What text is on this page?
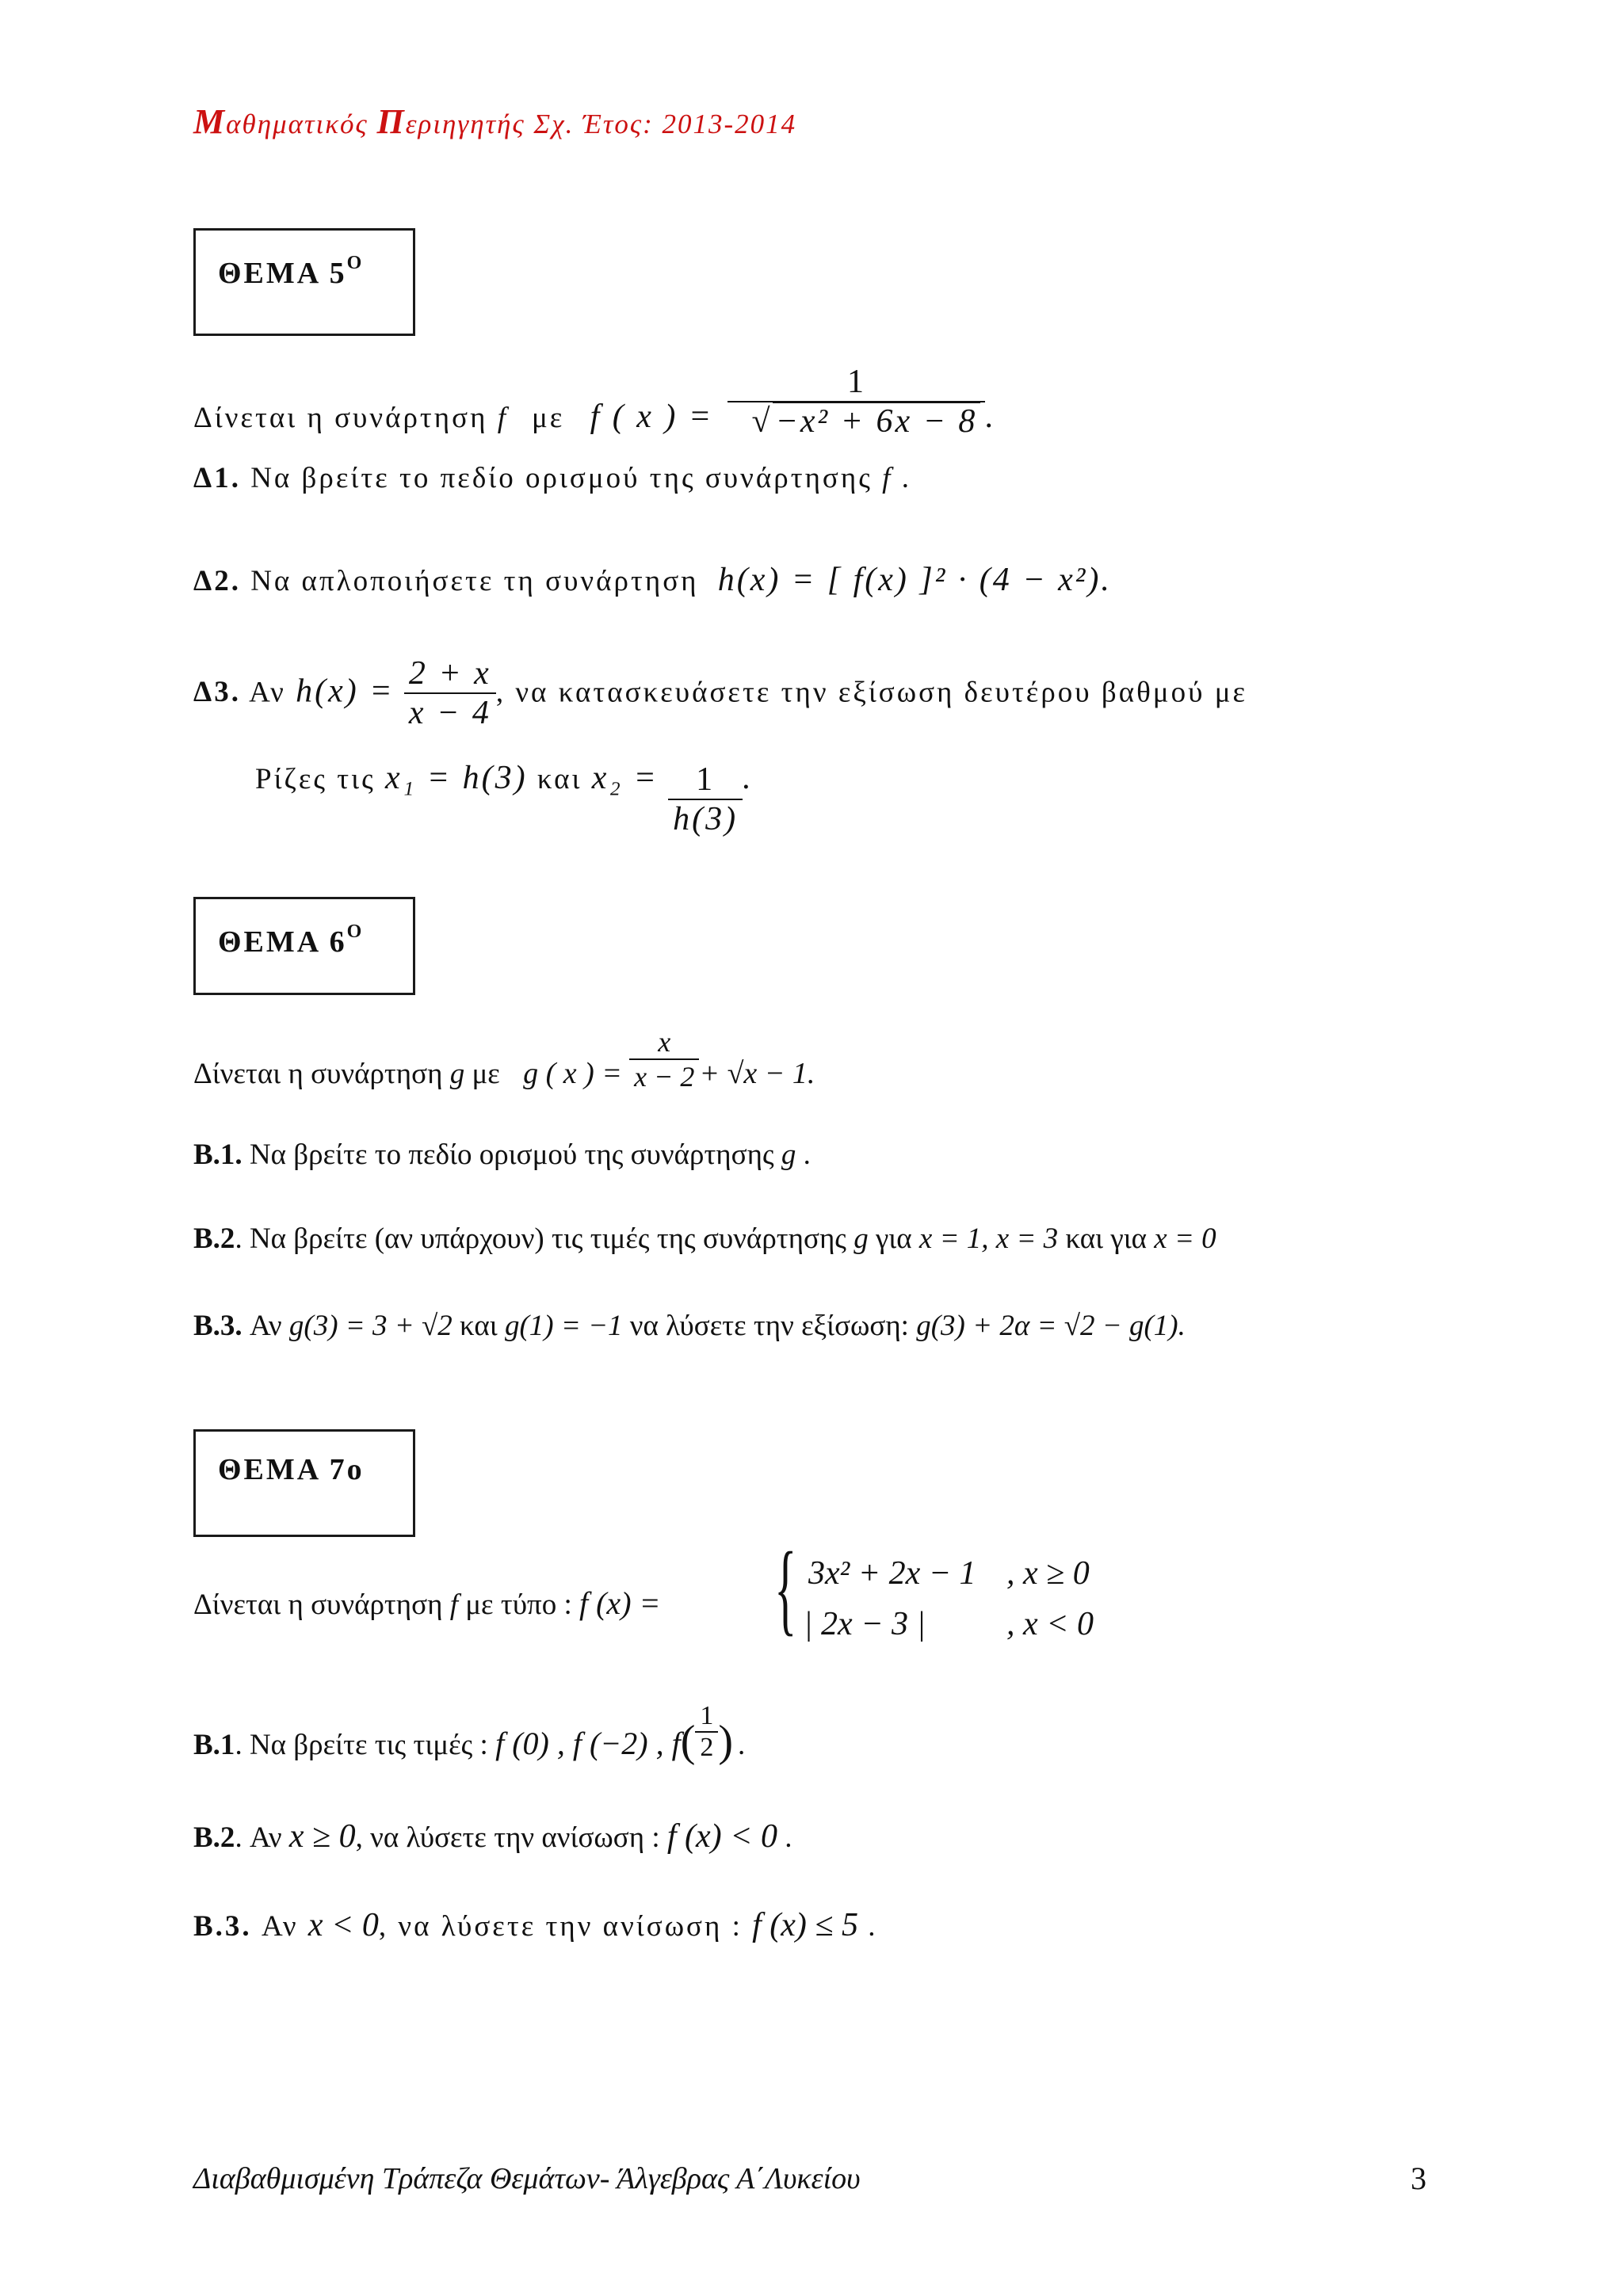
Mαθηματικός Περιηγητής Σχ. Έτος: 2013-2014
ΘΕΜΑ $5^O$
Δίνεται η συνάρτηση f με f ( x ) = $\frac{1}{\text{√−x² + 6x − 8}}$ .
Δ1. Να βρείτε το πεδίο ορισμού της συνάρτησης f .
Δ2. Να απλοποιήσετε τη συνάρτηση h(x) = [ f(x) ]² · (4 − x²).
Δ3. Αν $h(x) = \frac{2 + x}{x - 4}$ , να κατασκευάσετε την εξίσωση δευτέρου βαθμού με
Ρίζες τις x₁ = h(3) και $x_2 = \frac{1}{h(3)}$ .
ΘΕΜΑ $6^O$
Δίνεται η συνάρτηση g με g ( x ) = $\frac{x}{x - 2} + √x - 1$.
B.1. Να βρείτε το πεδίο ορισμού της συνάρτησης g .
B.2. Να βρείτε (αν υπάρχουν) τις τιμές της συνάρτησης g για x = 1, x = 3 και για x = 0
B.3. Αν g(3) = 3 + √2 και g(1) = −1 να λύσετε την εξίσωση: g(3) + 2α = √2 − g(1).
ΘΕΜΑ 7ο
Δίνεται η συνάρτηση f με τύπο : f (x) = { 3x² + 2x − 1 , x ≥ 0
| 2x − 3 | , x < 0
B.1. Να βρείτε τις τιμές : f (0) , f (−2) , $f( \frac{1}{2}$ ) .
B.2. Αν x ≥ 0, να λύσετε την ανίσωση : f (x) < 0 .
B.3. Αν x < 0, να λύσετε την ανίσωση : f (x) ≤ 5 .
Διαβαθμισμένη Τράπεζα Θεμάτων- Άλγεβρας Α΄Λυκείου	3
